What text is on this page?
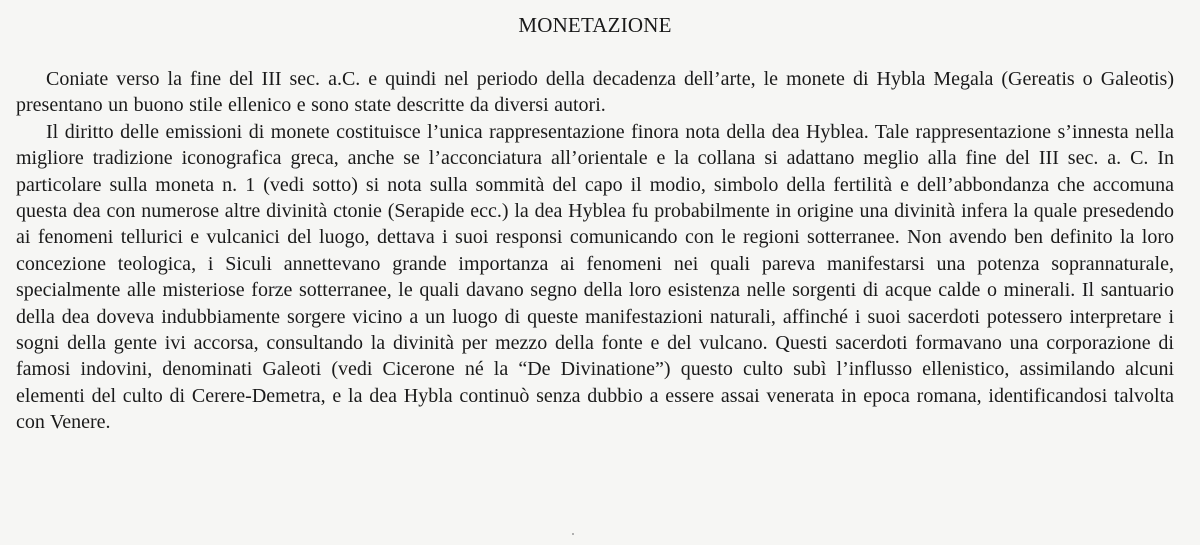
MONETAZIONE

Coniate verso la fine del III sec. a.C. e quindi nel periodo della decadenza dell’arte, le monete di Hybla Megala (Gereatis o Galeotis) presentano un buono stile ellenico e sono state descritte da diversi autori.

Il diritto delle emissioni di monete costituisce l’unica rappresentazione finora nota della dea Hyblea. Tale rappresentazione s’innesta nella migliore tradizione iconografica greca, anche se l’acconciatura all’orientale e la collana si adattano meglio alla fine del III sec. a. C. In particolare sulla moneta n. 1 (vedi sotto) si nota sulla sommità del capo il modio, simbolo della fertilità e dell’abbondanza che accomuna questa dea con numerose altre divinità ctonie (Serapide ecc.) la dea Hyblea fu probabilmente in origine una divinità infera la quale presedendo ai fenomeni tellurici e vulcanici del luogo, dettava i suoi responsi comunicando con le regioni sotterranee. Non avendo ben definito la loro concezione teologica, i Siculi annettevano grande importanza ai fenomeni nei quali pareva manifestarsi una potenza soprannaturale, specialmente alle misteriose forze sotterranee, le quali davano segno della loro esistenza nelle sorgenti di acque calde o minerali. Il santuario della dea doveva indubbiamente sorgere vicino a un luogo di queste manifestazioni naturali, affinché i suoi sacerdoti potessero interpretare i sogni della gente ivi accorsa, consultando la divinità per mezzo della fonte e del vulcano. Questi sacerdoti formavano una corporazione di famosi indovini, denominati Galeoti (vedi Cicerone né la “De Divinatione”) questo culto subì l’influsso ellenistico, assimilando alcuni elementi del culto di Cerere-Demetra, e la dea Hybla continuò senza dubbio a essere assai venerata in epoca romana, identificandosi talvolta con Venere.
